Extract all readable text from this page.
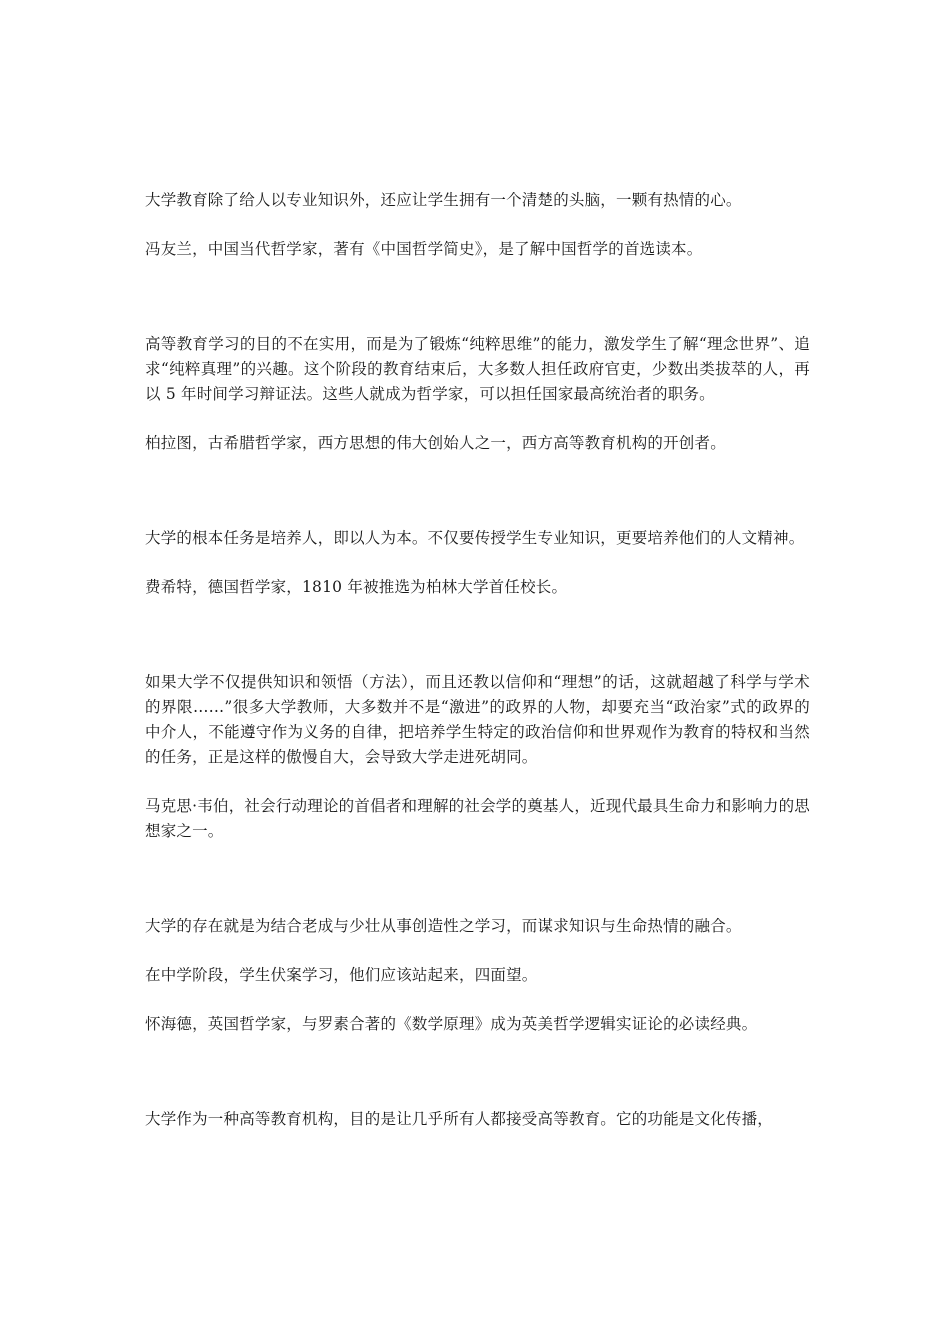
大学教育除了给人以专业知识外，还应让学生拥有一个清楚的头脑，一颗有热情的心。

冯友兰，中国当代哲学家，著有《中国哲学简史》，是了解中国哲学的首选读本。

高等教育学习的目的不在实用，而是为了锻炼“纯粹思维”的能力，激发学生了解“理念世界”、追求“纯粹真理”的兴趣。这个阶段的教育结束后，大多数人担任政府官吏，少数出类拔萃的人，再以 5 年时间学习辩证法。这些人就成为哲学家，可以担任国家最高统治者的职务。

柏拉图，古希腊哲学家，西方思想的伟大创始人之一，西方高等教育机构的开创者。

大学的根本任务是培养人，即以人为本。不仅要传授学生专业知识，更要培养他们的人文精神。

费希特，德国哲学家，1810 年被推选为柏林大学首任校长。

如果大学不仅提供知识和领悟（方法），而且还教以信仰和“理想”的话，这就超越了科学与学术的界限……”很多大学教师，大多数并不是“激进”的政界的人物，却要充当“政治家”式的政界的中介人，不能遵守作为义务的自律，把培养学生特定的政治信仰和世界观作为教育的特权和当然的任务，正是这样的傲慢自大，会导致大学走进死胡同。

马克思·韦伯，社会行动理论的首倡者和理解的社会学的奠基人，近现代最具生命力和影响力的思想家之一。

大学的存在就是为结合老成与少壮从事创造性之学习，而谋求知识与生命热情的融合。

在中学阶段，学生伏案学习，他们应该站起来，四面望。

怀海德，英国哲学家，与罗素合著的《数学原理》成为英美哲学逻辑实证论的必读经典。

大学作为一种高等教育机构，目的是让几乎所有人都接受高等教育。它的功能是文化传播，
